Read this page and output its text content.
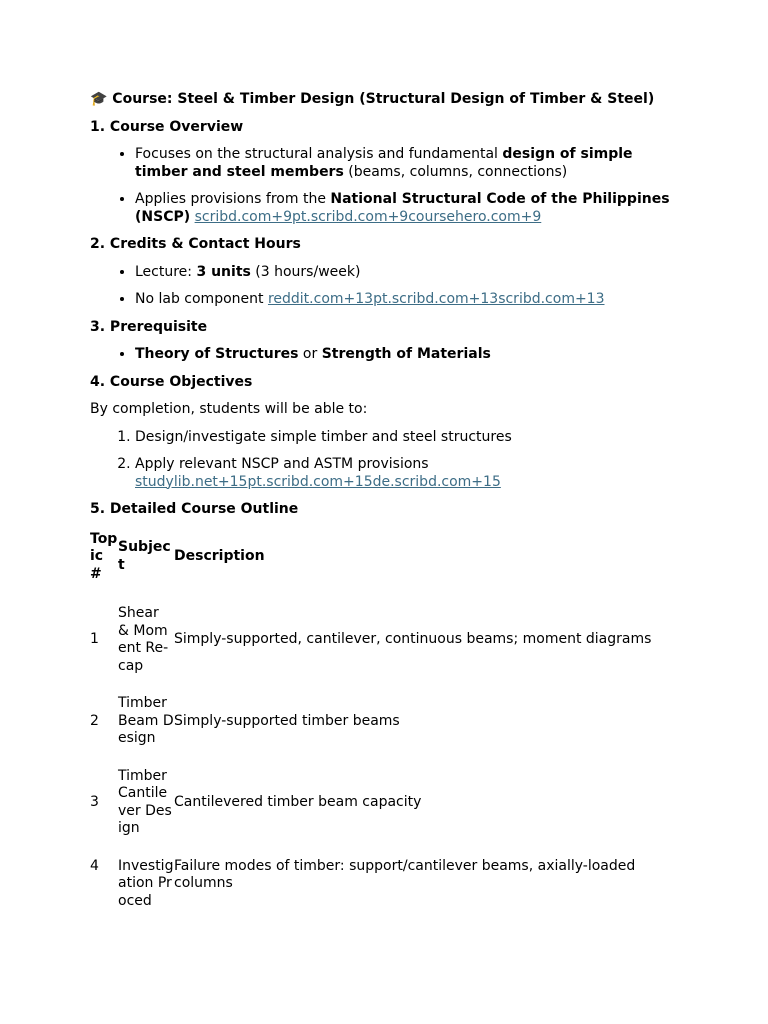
🎓 Course: Steel & Timber Design (Structural Design of Timber & Steel)
1. Course Overview
• Focuses on the structural analysis and fundamental design of simple timber and steel members (beams, columns, connections)
• Applies provisions from the National Structural Code of the Philippines (NSCP) scribd.com+9pt.scribd.com+9coursehero.com+9
2. Credits & Contact Hours
• Lecture: 3 units (3 hours/week)
• No lab component reddit.com+13pt.scribd.com+13scribd.com+13
3. Prerequisite
• Theory of Structures or Strength of Materials
4. Course Objectives

By completion, students will be able to:

1. Design/investigate simple timber and steel structures
2. Apply relevant NSCP and ASTM provisions studylib.net+15pt.scribd.com+15de.scribd.com+15
5. Detailed Course Outline
Topic #	Subject	Description
1	Shear & Moment Re-cap	Simply-supported, cantilever, continuous beams; moment diagrams
2	Timber Beam Design	Simply-supported timber beams
3	Timber Cantilever Design	Cantilevered timber beam capacity
4	Investigation Proced	Failure modes of timber: support/cantilever beams, axially-loaded columns
